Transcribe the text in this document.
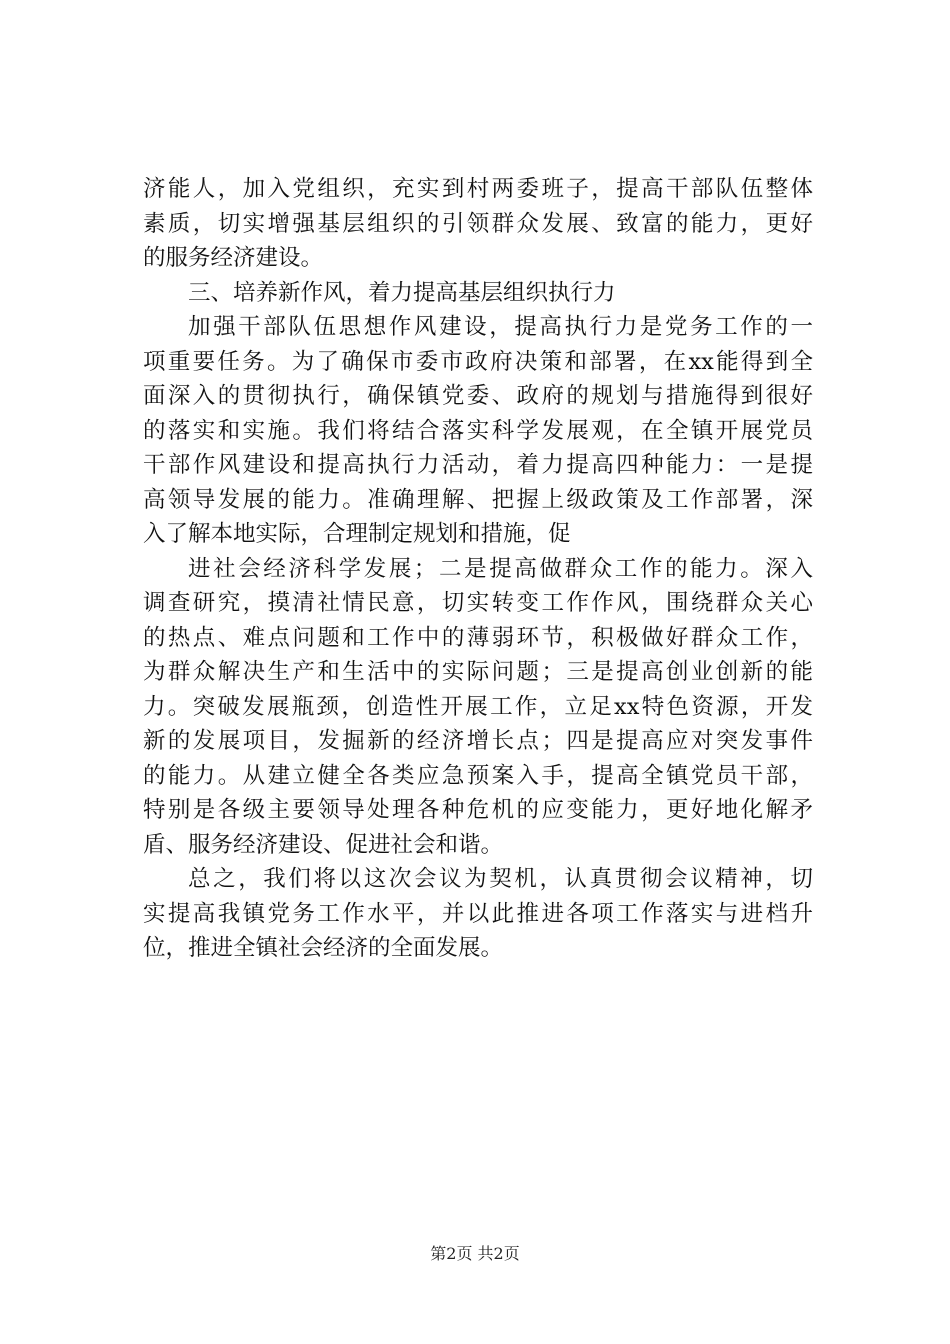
济能人，加入党组织，充实到村两委班子，提高干部队伍整体
素质，切实增强基层组织的引领群众发展、致富的能力，更好
的服务经济建设。
三、培养新作风，着力提高基层组织执行力
加强干部队伍思想作风建设，提高执行力是党务工作的一
项重要任务。为了确保市委市政府决策和部署，在xx能得到全
面深入的贯彻执行，确保镇党委、政府的规划与措施得到很好
的落实和实施。我们将结合落实科学发展观，在全镇开展党员
干部作风建设和提高执行力活动，着力提高四种能力：一是提
高领导发展的能力。准确理解、把握上级政策及工作部署，深
入了解本地实际，合理制定规划和措施，促
进社会经济科学发展；二是提高做群众工作的能力。深入
调查研究，摸清社情民意，切实转变工作作风，围绕群众关心
的热点、难点问题和工作中的薄弱环节，积极做好群众工作，
为群众解决生产和生活中的实际问题；三是提高创业创新的能
力。突破发展瓶颈，创造性开展工作，立足xx特色资源，开发
新的发展项目，发掘新的经济增长点；四是提高应对突发事件
的能力。从建立健全各类应急预案入手，提高全镇党员干部，
特别是各级主要领导处理各种危机的应变能力，更好地化解矛
盾、服务经济建设、促进社会和谐。
总之，我们将以这次会议为契机，认真贯彻会议精神，切
实提高我镇党务工作水平，并以此推进各项工作落实与进档升
位，推进全镇社会经济的全面发展。
第2页 共2页
